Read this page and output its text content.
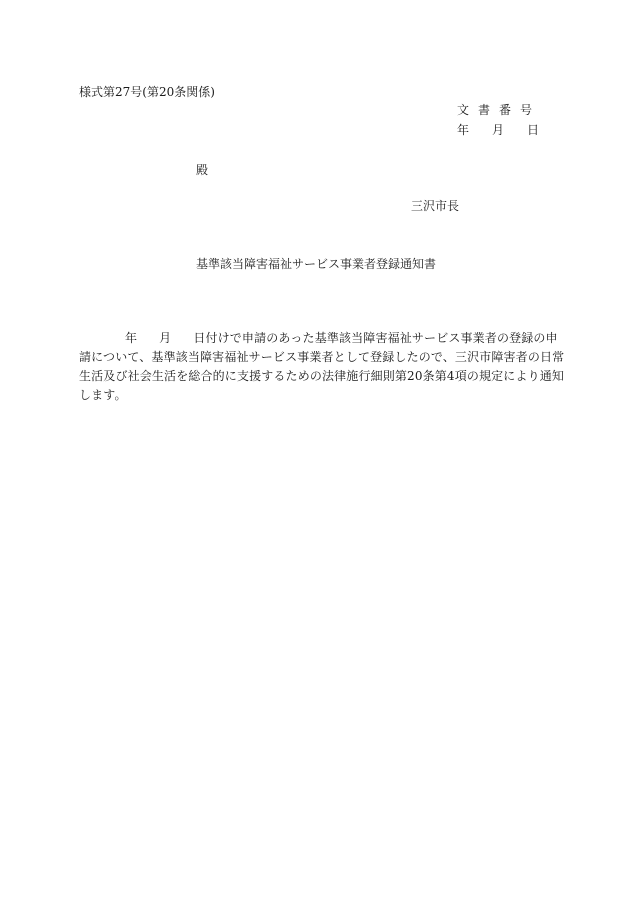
様式第27号(第20条関係)
文書番号
年 月 日
殿
三沢市長
基準該当障害福祉サービス事業者登録通知書
年 月 日付けで申請のあった基準該当障害福祉サービス事業者の登録の申
請について、基準該当障害福祉サービス事業者として登録したので、三沢市障害者の日常
生活及び社会生活を総合的に支援するための法律施行細則第20条第4項の規定により通知
します。
